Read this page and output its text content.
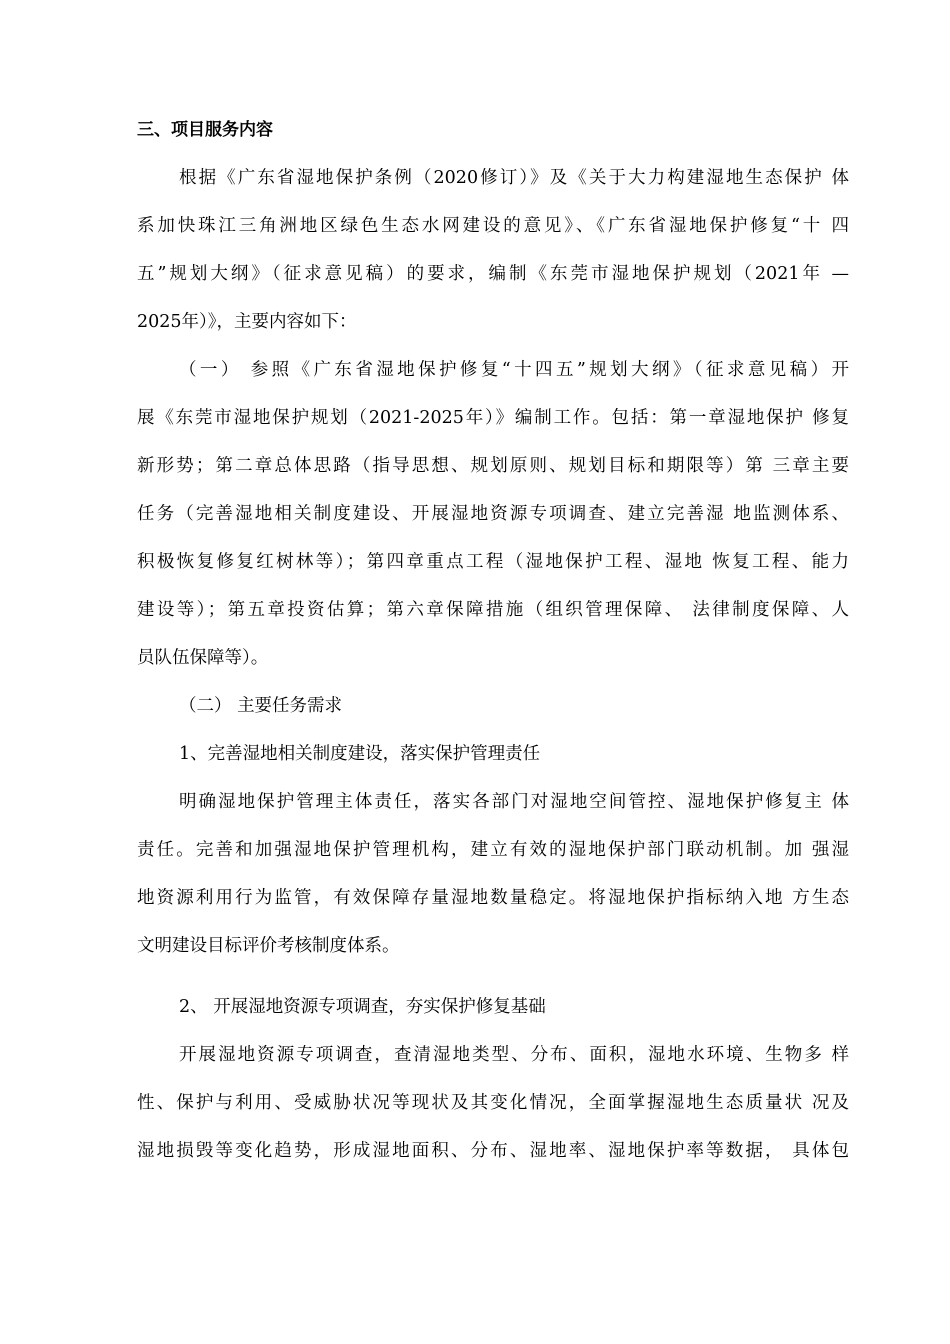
三、项目服务内容
根据《广东省湿地保护条例（2020修订）》及《关于大力构建湿地生态保护 体
系加快珠江三角洲地区绿色生态水网建设的意见》、《广东省湿地保护修复“十 四
五”规划大纲》（征求意见稿）的要求，编制《东莞市湿地保护规划（2021年 —
2025年）》，主要内容如下：
（一） 参照《广东省湿地保护修复“十四五”规划大纲》（征求意见稿）开
展《东莞市湿地保护规划（2021-2025年）》编制工作。包括：第一章湿地保护 修复
新形势；第二章总体思路（指导思想、规划原则、规划目标和期限等）第 三章主要
任务（完善湿地相关制度建设、开展湿地资源专项调查、建立完善湿 地监测体系、
积极恢复修复红树林等）；第四章重点工程（湿地保护工程、湿地 恢复工程、能力
建设等）；第五章投资估算；第六章保障措施（组织管理保障、 法律制度保障、人
员队伍保障等）。
（二） 主要任务需求
1、完善湿地相关制度建设，落实保护管理责任
明确湿地保护管理主体责任，落实各部门对湿地空间管控、湿地保护修复主 体
责任。完善和加强湿地保护管理机构，建立有效的湿地保护部门联动机制。加 强湿
地资源利用行为监管，有效保障存量湿地数量稳定。将湿地保护指标纳入地 方生态
文明建设目标评价考核制度体系。
2、 开展湿地资源专项调查，夯实保护修复基础
开展湿地资源专项调查，查清湿地类型、分布、面积，湿地水环境、生物多 样
性、保护与利用、受威胁状况等现状及其变化情况，全面掌握湿地生态质量状 况及
湿地损毁等变化趋势，形成湿地面积、分布、湿地率、湿地保护率等数据， 具体包
